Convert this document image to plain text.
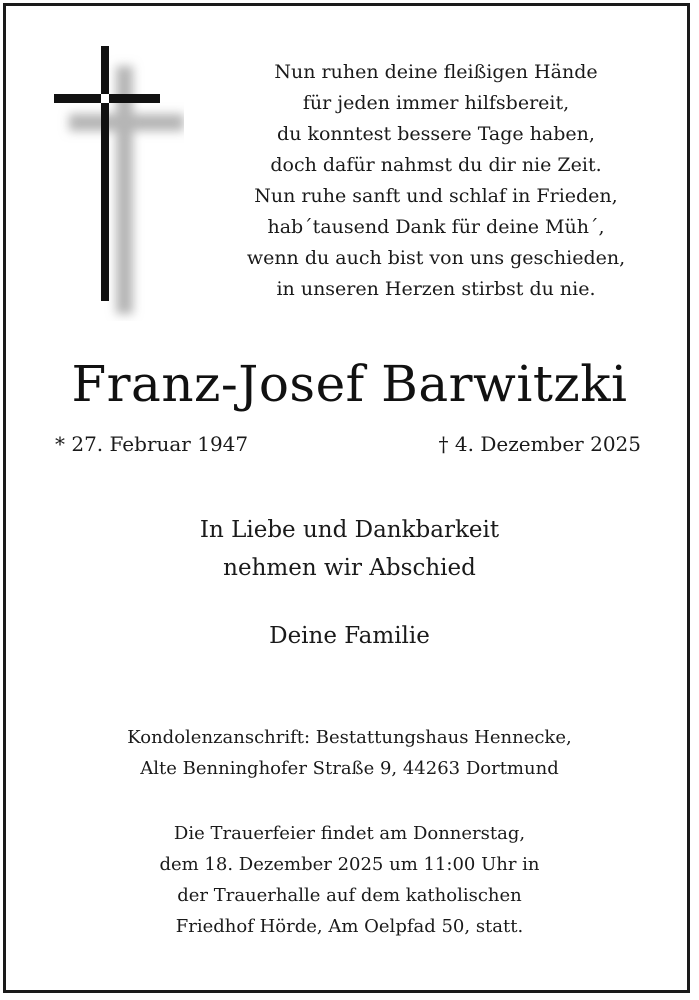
Nun ruhen deine fleißigen Hände
für jeden immer hilfsbereit,
du konntest bessere Tage haben,
doch dafür nahmst du dir nie Zeit.
Nun ruhe sanft und schlaf in Frieden,
hab´tausend Dank für deine Müh´,
wenn du auch bist von uns geschieden,
in unseren Herzen stirbst du nie.
Franz-Josef Barwitzki
* 27. Februar 1947	† 4. Dezember 2025
In Liebe und Dankbarkeit
nehmen wir Abschied
Deine Familie
Kondolenzanschrift: Bestattungshaus Hennecke,
Alte Benninghofer Straße 9, 44263 Dortmund
Die Trauerfeier findet am Donnerstag,
dem 18. Dezember 2025 um 11:00 Uhr in
der Trauerhalle auf dem katholischen
Friedhof Hörde, Am Oelpfad 50, statt.
